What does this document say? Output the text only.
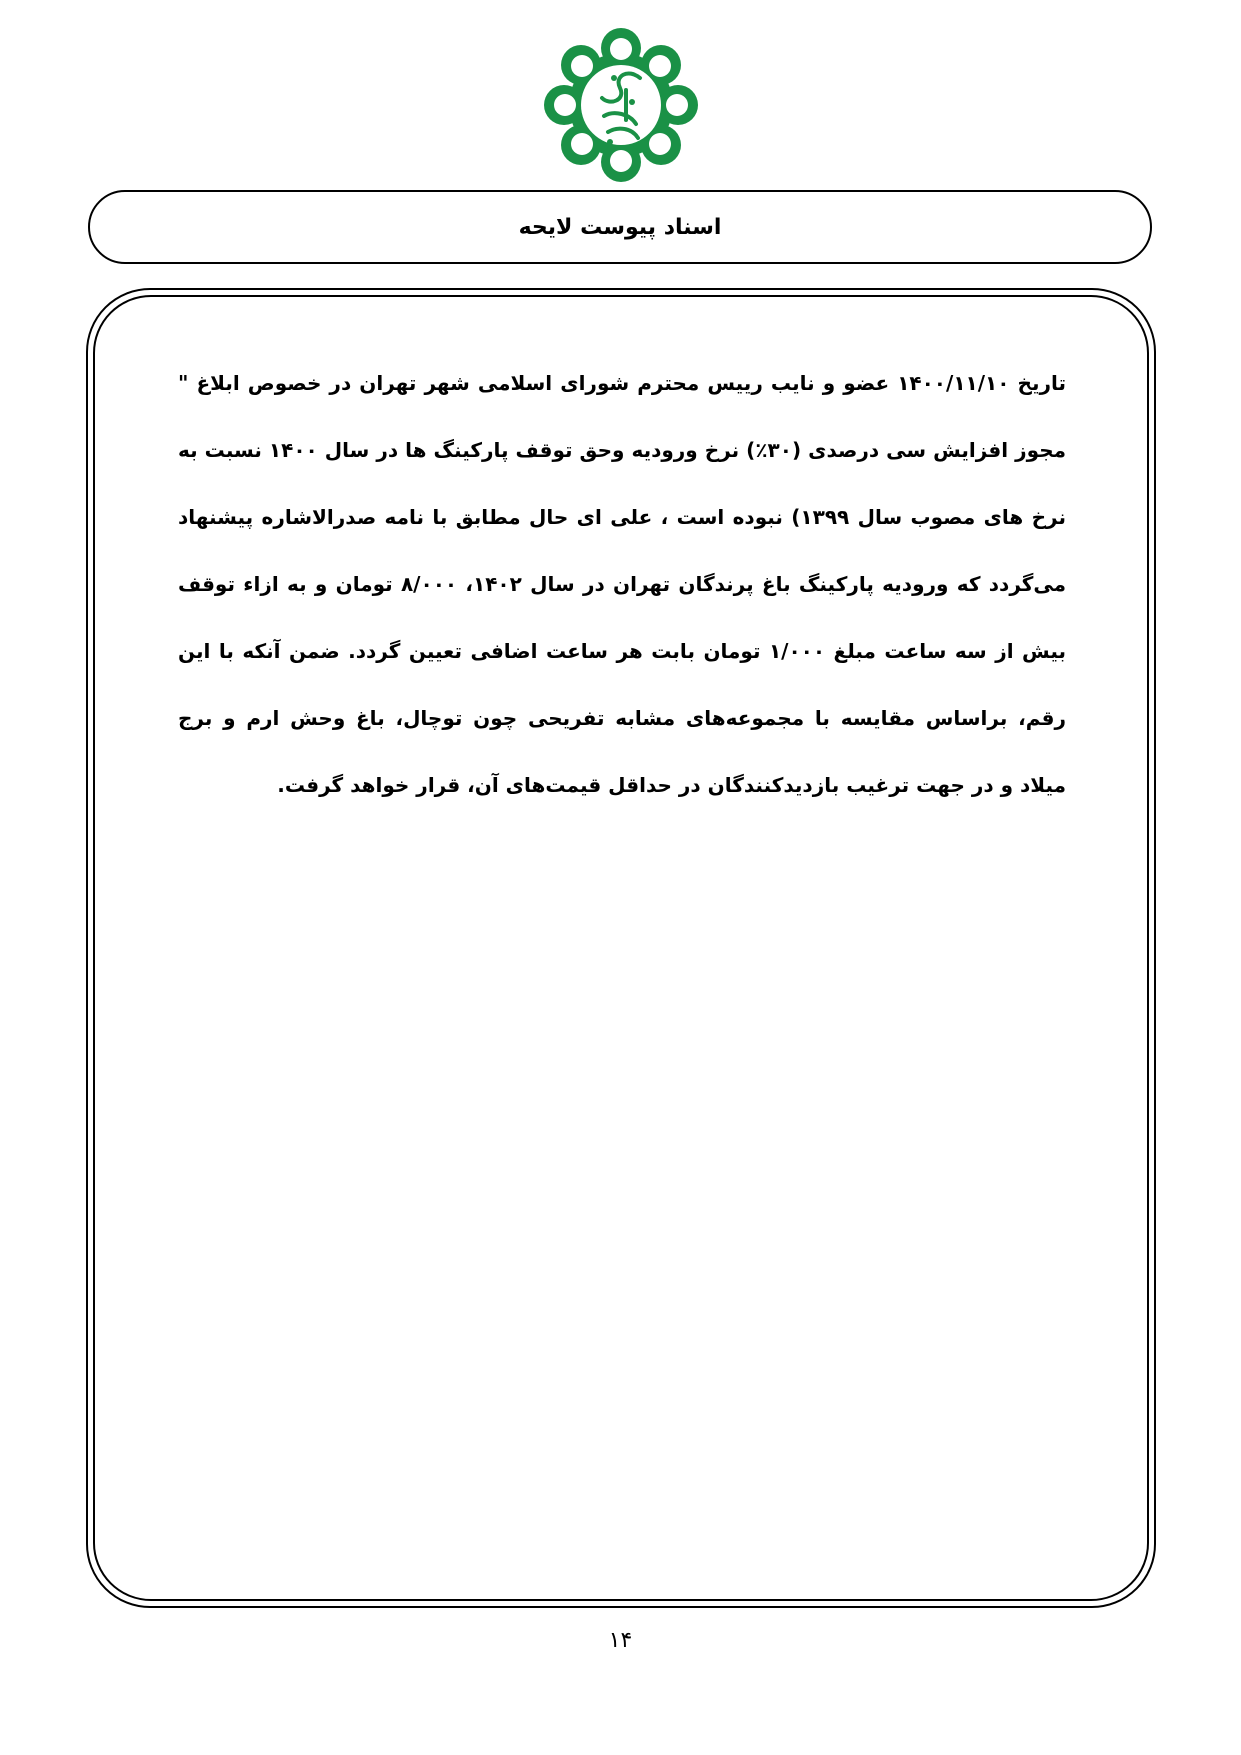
اسناد پیوست لایحه
تاریخ ۱۴۰۰/۱۱/۱۰ عضو و نایب رییس محترم شورای اسلامی شهر تهران در خصوص ابلاغ " مجوز افزایش سی درصدی (۳۰٪) نرخ ورودیه وحق توقف پارکینگ ها در سال ۱۴۰۰ نسبت به نرخ های مصوب سال ۱۳۹۹) نبوده است ، علی ای حال مطابق با نامه صدرالاشاره پیشنهاد می‌گردد که ورودیه پارکینگ باغ پرندگان تهران در سال ۱۴۰۲، ۸/۰۰۰ تومان و به ازاء توقف بیش از سه ساعت مبلغ ۱/۰۰۰ تومان بابت هر ساعت اضافی تعیین گردد. ضمن آنکه با این رقم، براساس مقایسه با مجموعه‌های مشابه تفریحی چون توچال، باغ وحش ارم و برج میلاد و در جهت ترغیب بازدیدکنندگان در حداقل قیمت‌های آن، قرار خواهد گرفت.
۱۴
